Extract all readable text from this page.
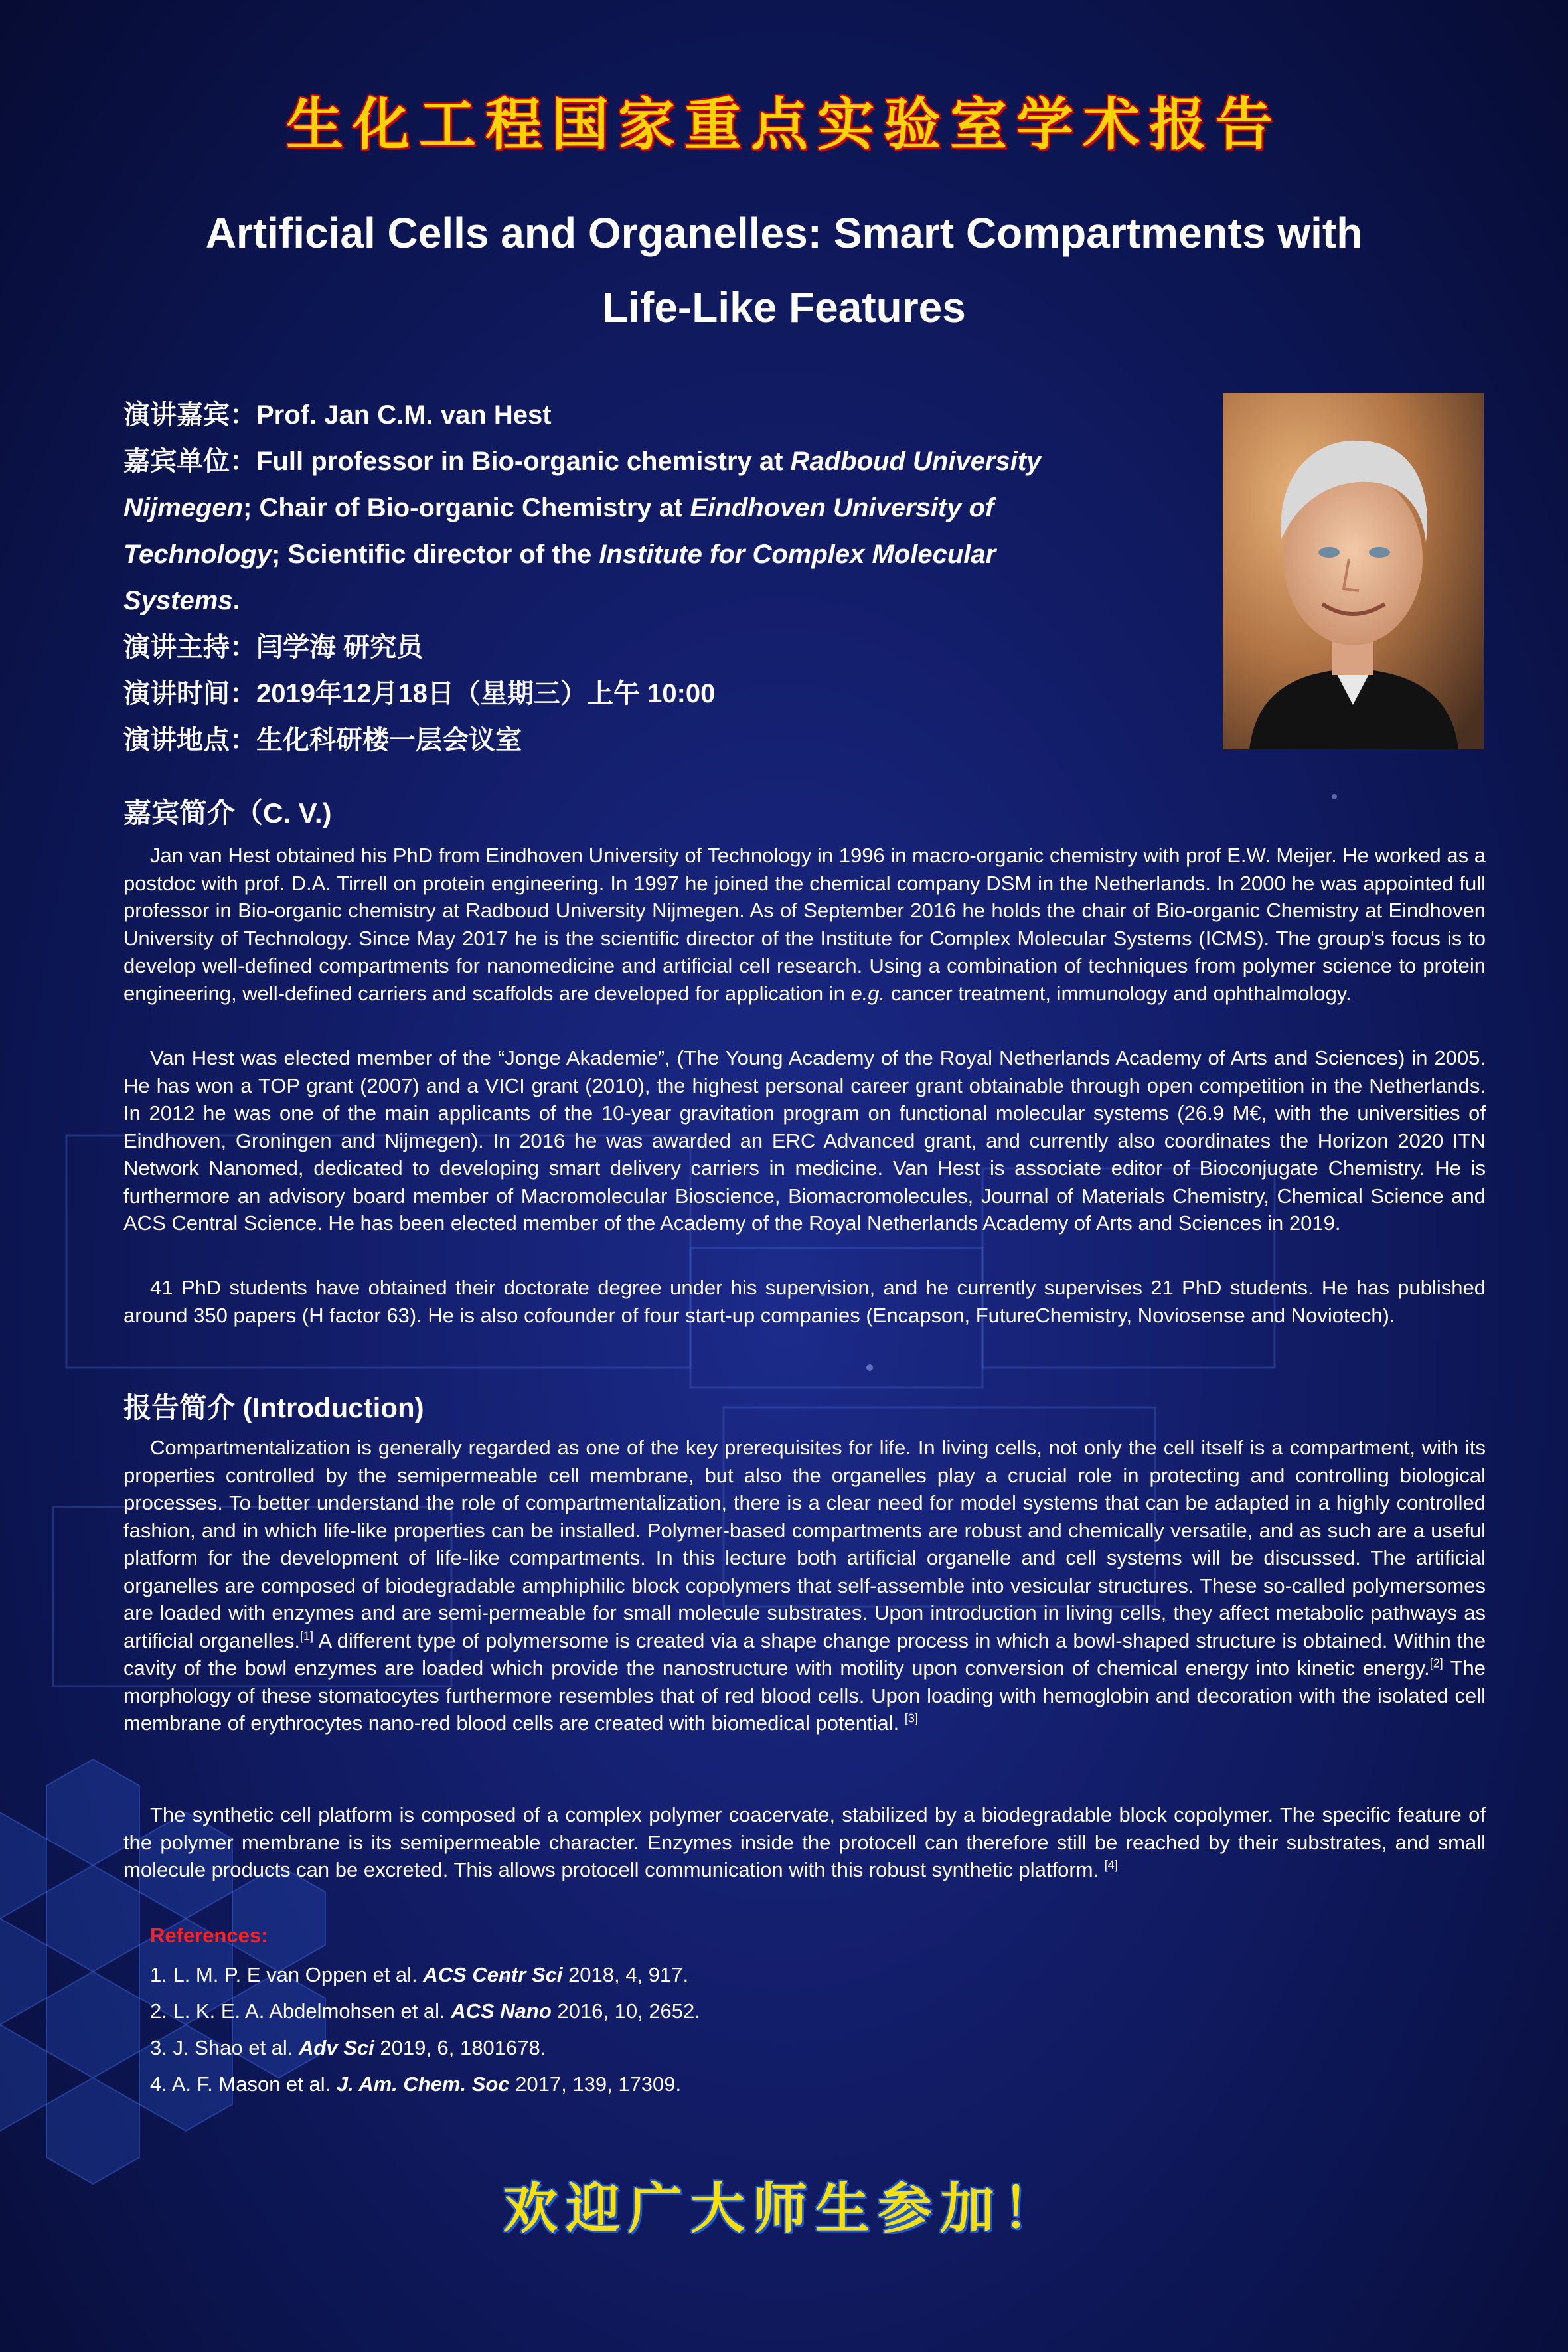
生化工程国家重点实验室学术报告
Artificial Cells and Organelles: Smart Compartments with
Life-Like Features
演讲嘉宾：Prof. Jan C.M. van Hest
嘉宾单位：Full professor in Bio-organic chemistry at Radboud University
Nijmegen; Chair of Bio-organic Chemistry at Eindhoven University of
Technology; Scientific director of the Institute for Complex Molecular
Systems.
演讲主持：闫学海 研究员
演讲时间：2019年12月18日（星期三）上午 10:00
演讲地点：生化科研楼一层会议室
嘉宾简介（C. V.)

Jan van Hest obtained his PhD from Eindhoven University of Technology in 1996 in macro-organic chemistry with prof E.W. Meijer. He worked as a postdoc with prof. D.A. Tirrell on protein engineering. In 1997 he joined the chemical company DSM in the Netherlands. In 2000 he was appointed full professor in Bio-organic chemistry at Radboud University Nijmegen. As of September 2016 he holds the chair of Bio-organic Chemistry at Eindhoven University of Technology. Since May 2017 he is the scientific director of the Institute for Complex Molecular Systems (ICMS). The group’s focus is to develop well-defined compartments for nanomedicine and artificial cell research. Using a combination of techniques from polymer science to protein engineering, well-defined carriers and scaffolds are developed for application in e.g. cancer treatment, immunology and ophthalmology.

Van Hest was elected member of the “Jonge Akademie”, (The Young Academy of the Royal Netherlands Academy of Arts and Sciences) in 2005. He has won a TOP grant (2007) and a VICI grant (2010), the highest personal career grant obtainable through open competition in the Netherlands. In 2012 he was one of the main applicants of the 10-year gravitation program on functional molecular systems (26.9 M€, with the universities of Eindhoven, Groningen and Nijmegen). In 2016 he was awarded an ERC Advanced grant, and currently also coordinates the Horizon 2020 ITN Network Nanomed, dedicated to developing smart delivery carriers in medicine. Van Hest is associate editor of Bioconjugate Chemistry. He is furthermore an advisory board member of Macromolecular Bioscience, Biomacromolecules, Journal of Materials Chemistry, Chemical Science and ACS Central Science. He has been elected member of the Academy of the Royal Netherlands Academy of Arts and Sciences in 2019.

41 PhD students have obtained their doctorate degree under his supervision, and he currently supervises 21 PhD students. He has published around 350 papers (H factor 63). He is also cofounder of four start-up companies (Encapson, FutureChemistry, Noviosense and Noviotech).

报告简介 (Introduction)

Compartmentalization is generally regarded as one of the key prerequisites for life. In living cells, not only the cell itself is a compartment, with its properties controlled by the semipermeable cell membrane, but also the organelles play a crucial role in protecting and controlling biological processes. To better understand the role of compartmentalization, there is a clear need for model systems that can be adapted in a highly controlled fashion, and in which life-like properties can be installed. Polymer-based compartments are robust and chemically versatile, and as such are a useful platform for the development of life-like compartments. In this lecture both artificial organelle and cell systems will be discussed. The artificial organelles are composed of biodegradable amphiphilic block copolymers that self-assemble into vesicular structures. These so-called polymersomes are loaded with enzymes and are semi-permeable for small molecule substrates. Upon introduction in living cells, they affect metabolic pathways as artificial organelles.[1] A different type of polymersome is created via a shape change process in which a bowl-shaped structure is obtained. Within the cavity of the bowl enzymes are loaded which provide the nanostructure with motility upon conversion of chemical energy into kinetic energy.[2] The morphology of these stomatocytes furthermore resembles that of red blood cells. Upon loading with hemoglobin and decoration with the isolated cell membrane of erythrocytes nano-red blood cells are created with biomedical potential. [3]

The synthetic cell platform is composed of a complex polymer coacervate, stabilized by a biodegradable block copolymer. The specific feature of the polymer membrane is its semipermeable character. Enzymes inside the protocell can therefore still be reached by their substrates, and small molecule products can be excreted. This allows protocell communication with this robust synthetic platform. [4]

References:
1. L. M. P. E van Oppen et al. ACS Centr Sci 2018, 4, 917.
2. L. K. E. A. Abdelmohsen et al. ACS Nano 2016, 10, 2652.
3. J. Shao et al. Adv Sci 2019, 6, 1801678.
4. A. F. Mason et al. J. Am. Chem. Soc 2017, 139, 17309.
欢迎广大师生参加！
